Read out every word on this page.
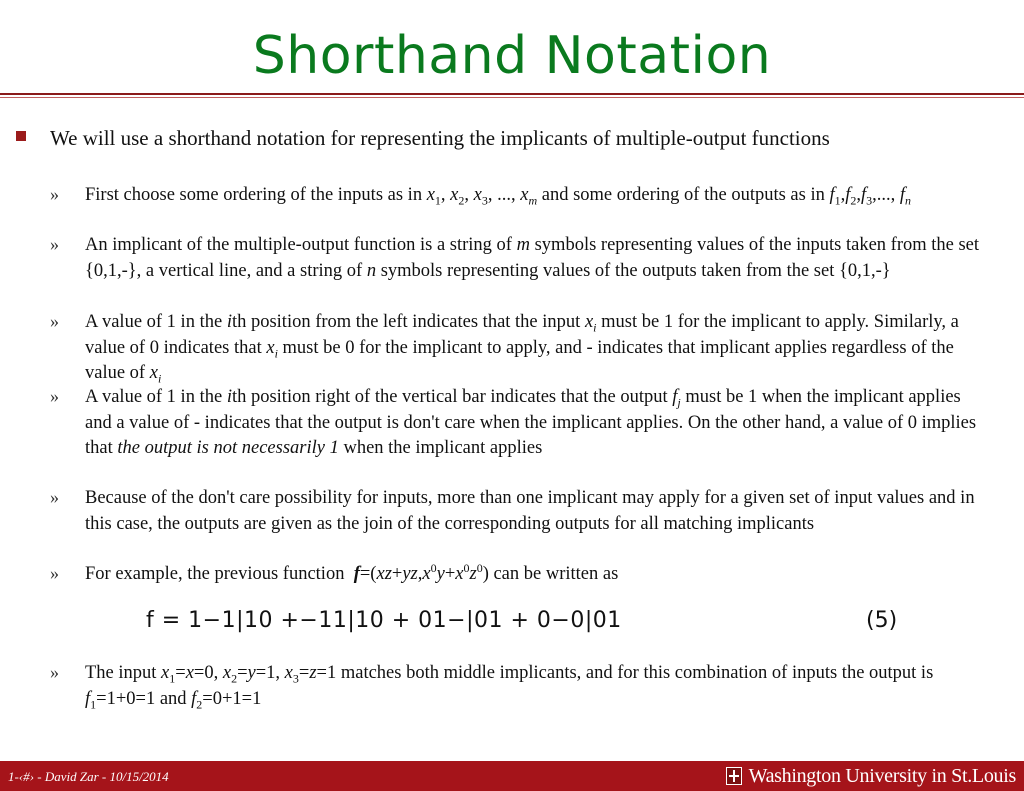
Shorthand Notation
We will use a shorthand notation for representing the implicants of multiple-output functions
» First choose some ordering of the inputs as in $x_1$, $x_2$, $x_3$, ..., $x_m$ and some ordering of the outputs as in $f_1,f_2,f_3$,..., $f_n$
» An implicant of the multiple-output function is a string of m symbols representing values of the inputs taken from the set {0,1,-}, a vertical line, and a string of n symbols representing values of the outputs taken from the set {0,1,-}
» A value of 1 in the ith position from the left indicates that the input $x_i$ must be 1 for the implicant to apply. Similarly, a value of 0 indicates that $x_i$ must be 0 for the implicant to apply, and - indicates that implicant applies regardless of the value of $x_i$
» A value of 1 in the ith position right of the vertical bar indicates that the output $f_j$ must be 1 when the implicant applies and a value of - indicates that the output is don't care when the implicant applies. On the other hand, a value of 0 implies that the output is not necessarily 1 when the implicant applies
» Because of the don't care possibility for inputs, more than one implicant may apply for a given set of input values and in this case, the outputs are given as the join of the corresponding outputs for all matching implicants
» For example, the previous function  $f=(xz+yz,x^0y+x^0z^0)$ can be written as
f = 1−1|10 +−11|10 + 01−|01 + 0−0|01	(5)
» The input $x_1=x=0$, $x_2=y=1$, $x_3=z=1$ matches both middle implicants, and for this combination of inputs the output is $f_1=1+0=1$ and $f_2=0+1=1$
1-‹#› - David Zar - 10/15/2014	Washington University in St.Louis
